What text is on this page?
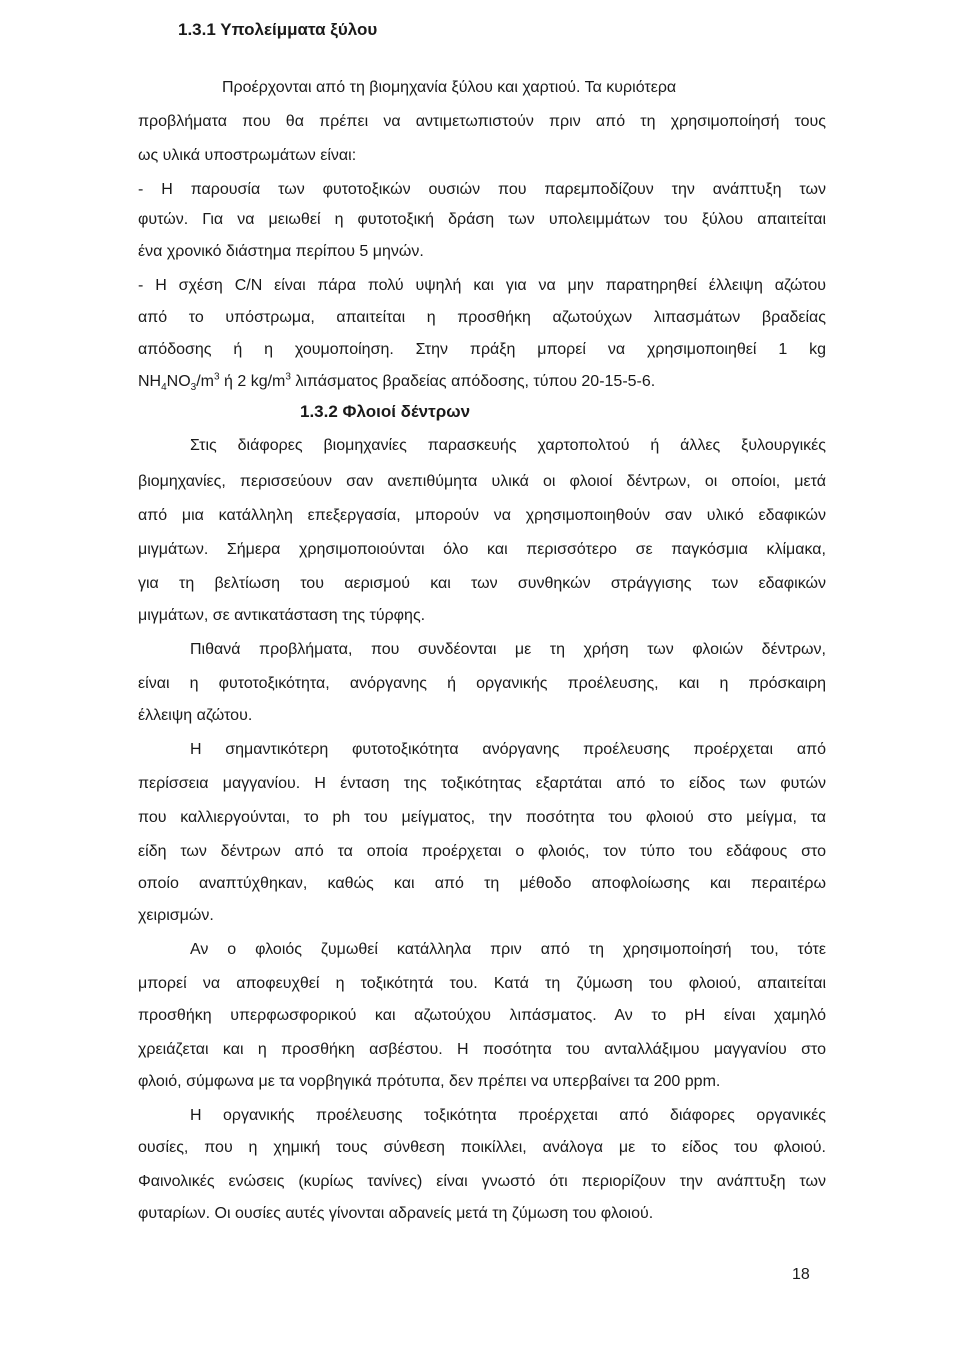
1.3.1 Υπολείμματα ξύλου
Προέρχονται από τη βιομηχανία ξύλου και χαρτιού. Τα κυριότερα
προβλήματα που θα πρέπει να αντιμετωπιστούν πριν από τη χρησιμοποίησή τους
ως υλικά υποστρωμάτων είναι:
- Η παρουσία των φυτοτοξικών ουσιών που παρεμποδίζουν την ανάπτυξη των
φυτών. Για να μειωθεί η φυτοτοξική δράση των υπολειμμάτων του ξύλου απαιτείται
ένα χρονικό διάστημα περίπου 5 μηνών.
- Η σχέση C/N είναι πάρα πολύ υψηλή και για να μην παρατηρηθεί έλλειψη αζώτου
από το υπόστρωμα, απαιτείται η προσθήκη αζωτούχων λιπασμάτων βραδείας
απόδοσης ή η χουμοποίηση. Στην πράξη μπορεί να χρησιμοποιηθεί 1 kg
$NH_4NO_3/m^3$ ή 2 $kg/m^3$ λιπάσματος βραδείας απόδοσης, τύπου 20-15-5-6.
1.3.2 Φλοιοί δέντρων
Στις διάφορες βιομηχανίες παρασκευής χαρτοπολτού ή άλλες ξυλουργικές
βιομηχανίες, περισσεύουν σαν ανεπιθύμητα υλικά οι φλοιοί δέντρων, οι οποίοι, μετά
από μια κατάλληλη επεξεργασία, μπορούν να χρησιμοποιηθούν σαν υλικό εδαφικών
μιγμάτων. Σήμερα χρησιμοποιούνται όλο και περισσότερο σε παγκόσμια κλίμακα,
για τη βελτίωση του αερισμού και των συνθηκών στράγγισης των εδαφικών
μιγμάτων, σε αντικατάσταση της τύρφης.
Πιθανά προβλήματα, που συνδέονται με τη χρήση των φλοιών δέντρων,
είναι η φυτοτοξικότητα, ανόργανης ή οργανικής προέλευσης, και η πρόσκαιρη
έλλειψη αζώτου.
Η σημαντικότερη φυτοτοξικότητα ανόργανης προέλευσης προέρχεται από
περίσσεια μαγγανίου. Η ένταση της τοξικότητας εξαρτάται από το είδος των φυτών
που καλλιεργούνται, το ph του μείγματος, την ποσότητα του φλοιού στο μείγμα, τα
είδη των δέντρων από τα οποία προέρχεται ο φλοιός, τον τύπο του εδάφους στο
οποίο αναπτύχθηκαν, καθώς και από τη μέθοδο αποφλοίωσης και περαιτέρω
χειρισμών.
Αν ο φλοιός ζυμωθεί κατάλληλα πριν από τη χρησιμοποίησή του, τότε
μπορεί να αποφευχθεί η τοξικότητά του. Κατά τη ζύμωση του φλοιού, απαιτείται
προσθήκη υπερφωσφορικού και αζωτούχου λιπάσματος. Αν το pH είναι χαμηλό
χρειάζεται και η προσθήκη ασβέστου. Η ποσότητα του ανταλλάξιμου μαγγανίου στο
φλοιό, σύμφωνα με τα νορβηγικά πρότυπα, δεν πρέπει να υπερβαίνει τα 200 ppm.
Η οργανικής προέλευσης τοξικότητα προέρχεται από διάφορες οργανικές
ουσίες, που η χημική τους σύνθεση ποικίλλει, ανάλογα με το είδος του φλοιού.
Φαινολικές ενώσεις (κυρίως τανίνες) είναι γνωστό ότι περιορίζουν την ανάπτυξη των
φυταρίων. Οι ουσίες αυτές γίνονται αδρανείς μετά τη ζύμωση του φλοιού.
18
